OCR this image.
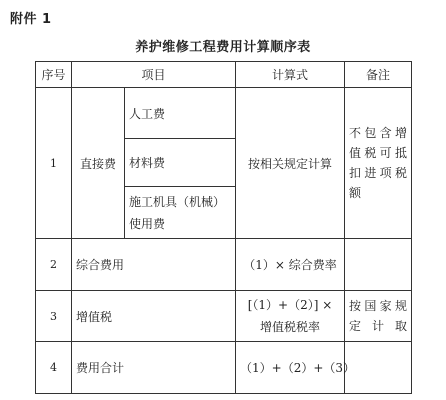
附件 1
养护维修工程费用计算顺序表
序号	项目		计算式	备注
1	直接费	人工费	按相关规定计算	不包含增值税可抵扣进项税额
		材料费		
		施工机具（机械）使用费		
2	综合费用		（1）× 综合费率	
3	增值税		[（1）+（2）] × 增值税税率	按国家规定计取
4	费用合计		（1）+（2）+（3）	
